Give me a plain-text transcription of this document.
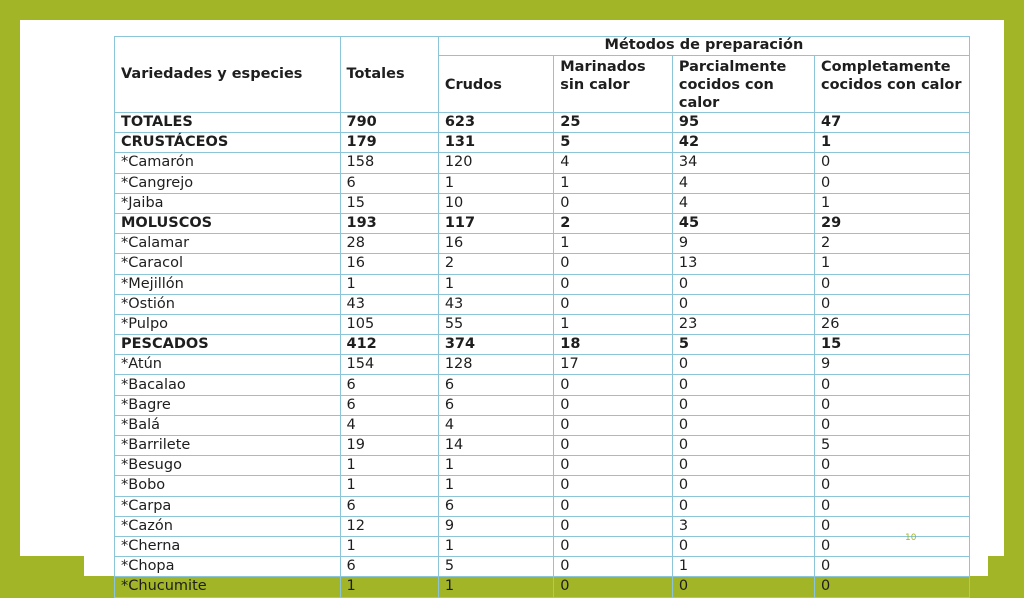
Variedades y especies	Totales	Métodos de preparación			
		Crudos	Marinados sin calor	Parcialmente cocidos con calor	Completamente cocidos con calor
TOTALES	790	623	25	95	47
CRUSTÁCEOS	179	131	5	42	1
*Camarón	158	120	4	34	0
*Cangrejo	6	1	1	4	0
*Jaiba	15	10	0	4	1
MOLUSCOS	193	117	2	45	29
*Calamar	28	16	1	9	2
*Caracol	16	2	0	13	1
*Mejillón	1	1	0	0	0
*Ostión	43	43	0	0	0
*Pulpo	105	55	1	23	26
PESCADOS	412	374	18	5	15
*Atún	154	128	17	0	9
*Bacalao	6	6	0	0	0
*Bagre	6	6	0	0	0
*Balá	4	4	0	0	0
*Barrilete	19	14	0	0	5
*Besugo	1	1	0	0	0
*Bobo	1	1	0	0	0
*Carpa	6	6	0	0	0
*Cazón	12	9	0	3	0
*Cherna	1	1	0	0	0
*Chopa	6	5	0	1	0
*Chucumite	1	1	0	0	0
10
